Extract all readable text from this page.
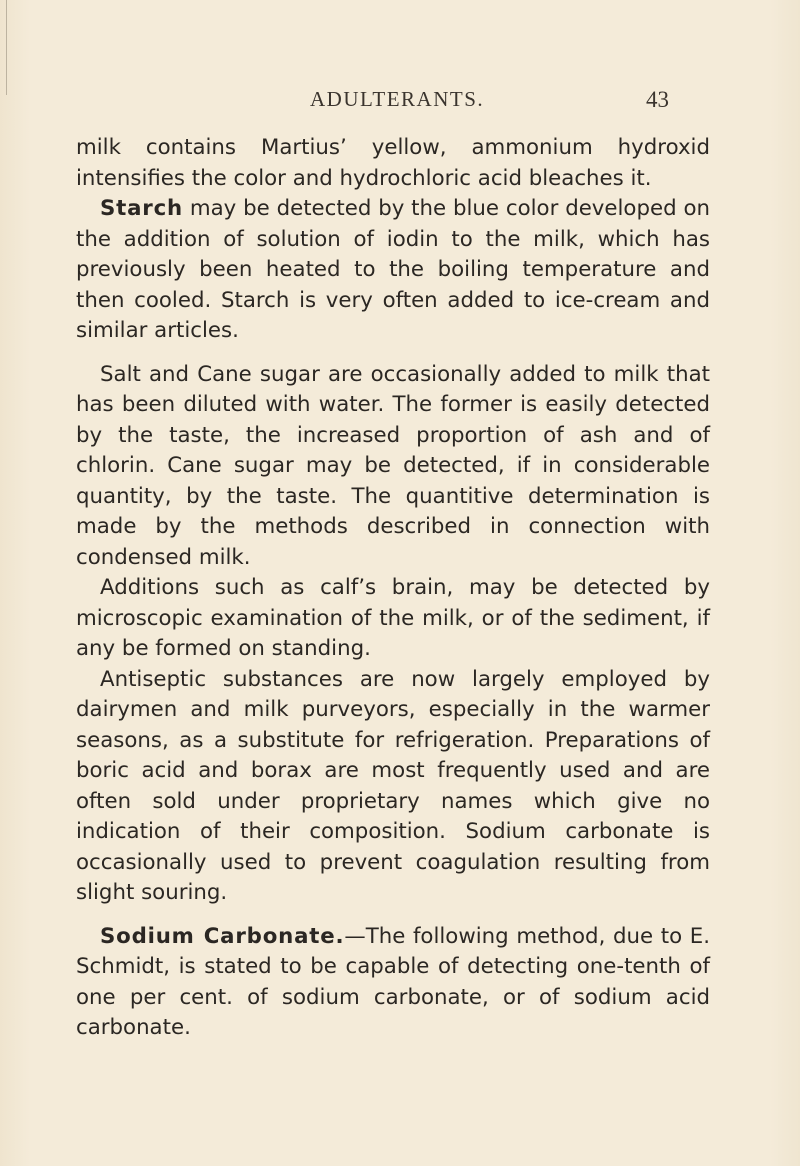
ADULTERANTS.	43

milk contains Martius’ yellow, ammonium hydroxid intensifies the color and hydrochloric acid bleaches it.

Starch may be detected by the blue color developed on the addition of solution of iodin to the milk, which has previously been heated to the boiling temperature and then cooled. Starch is very often added to ice-cream and similar articles.

Salt and Cane sugar are occasionally added to milk that has been diluted with water. The former is easily detected by the taste, the increased proportion of ash and of chlorin. Cane sugar may be detected, if in considerable quantity, by the taste. The quantitive determination is made by the methods described in connection with condensed milk.

Additions such as calf’s brain, may be detected by microscopic examination of the milk, or of the sediment, if any be formed on standing.

Antiseptic substances are now largely employed by dairymen and milk purveyors, especially in the warmer seasons, as a substitute for refrigeration. Preparations of boric acid and borax are most frequently used and are often sold under proprietary names which give no indication of their composition. Sodium carbonate is occasionally used to prevent coagulation resulting from slight souring.

Sodium Carbonate.—The following method, due to E. Schmidt, is stated to be capable of detecting one-tenth of one per cent. of sodium carbonate, or of sodium acid carbonate.
